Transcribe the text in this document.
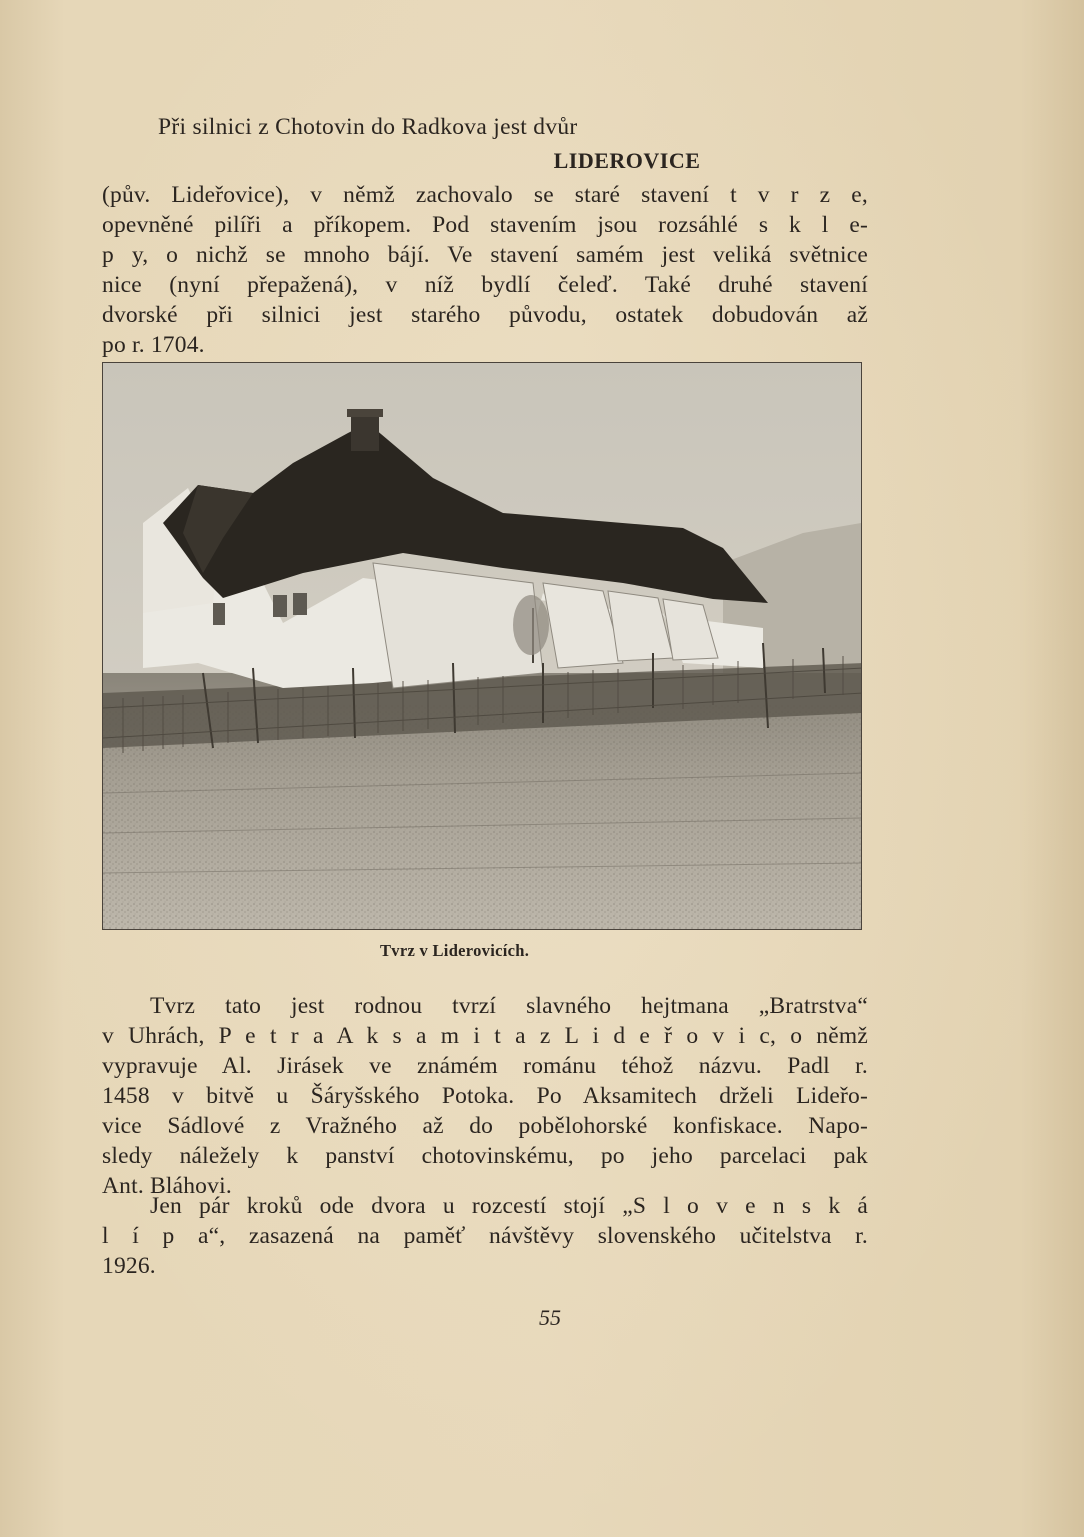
Při silnici z Chotovin do Radkova jest dvůr
LIDEROVICE
(pův. Lideřovice), v němž zachovalo se staré stavení t v r z e,
opevněné pilíři a příkopem. Pod stavením jsou rozsáhlé s k l e-
p y, o nichž se mnoho bájí. Ve stavení samém jest veliká světnice
nice (nyní přepažená), v níž bydlí čeleď. Také druhé stavení
dvorské při silnici jest starého původu, ostatek dobudován až
po r. 1704.
Tvrz v Liderovicích.
Tvrz tato jest rodnou tvrzí slavného hejtmana „Bratrstva“
v Uhrách, P e t r a A k s a m i t a z L i d e ř o v i c, o němž
vypravuje Al. Jirásek ve známém románu téhož názvu. Padl r.
1458 v bitvě u Šáryšského Potoka. Po Aksamitech drželi Lideřo-
vice Sádlové z Vražného až do pobělohorské konfiskace. Napo-
sledy náležely k panství chotovinskému, po jeho parcelaci pak
Ant. Bláhovi.
Jen pár kroků ode dvora u rozcestí stojí „S l o v e n s k á
l í p a“, zasazená na paměť návštěvy slovenského učitelstva r.
1926.
55
